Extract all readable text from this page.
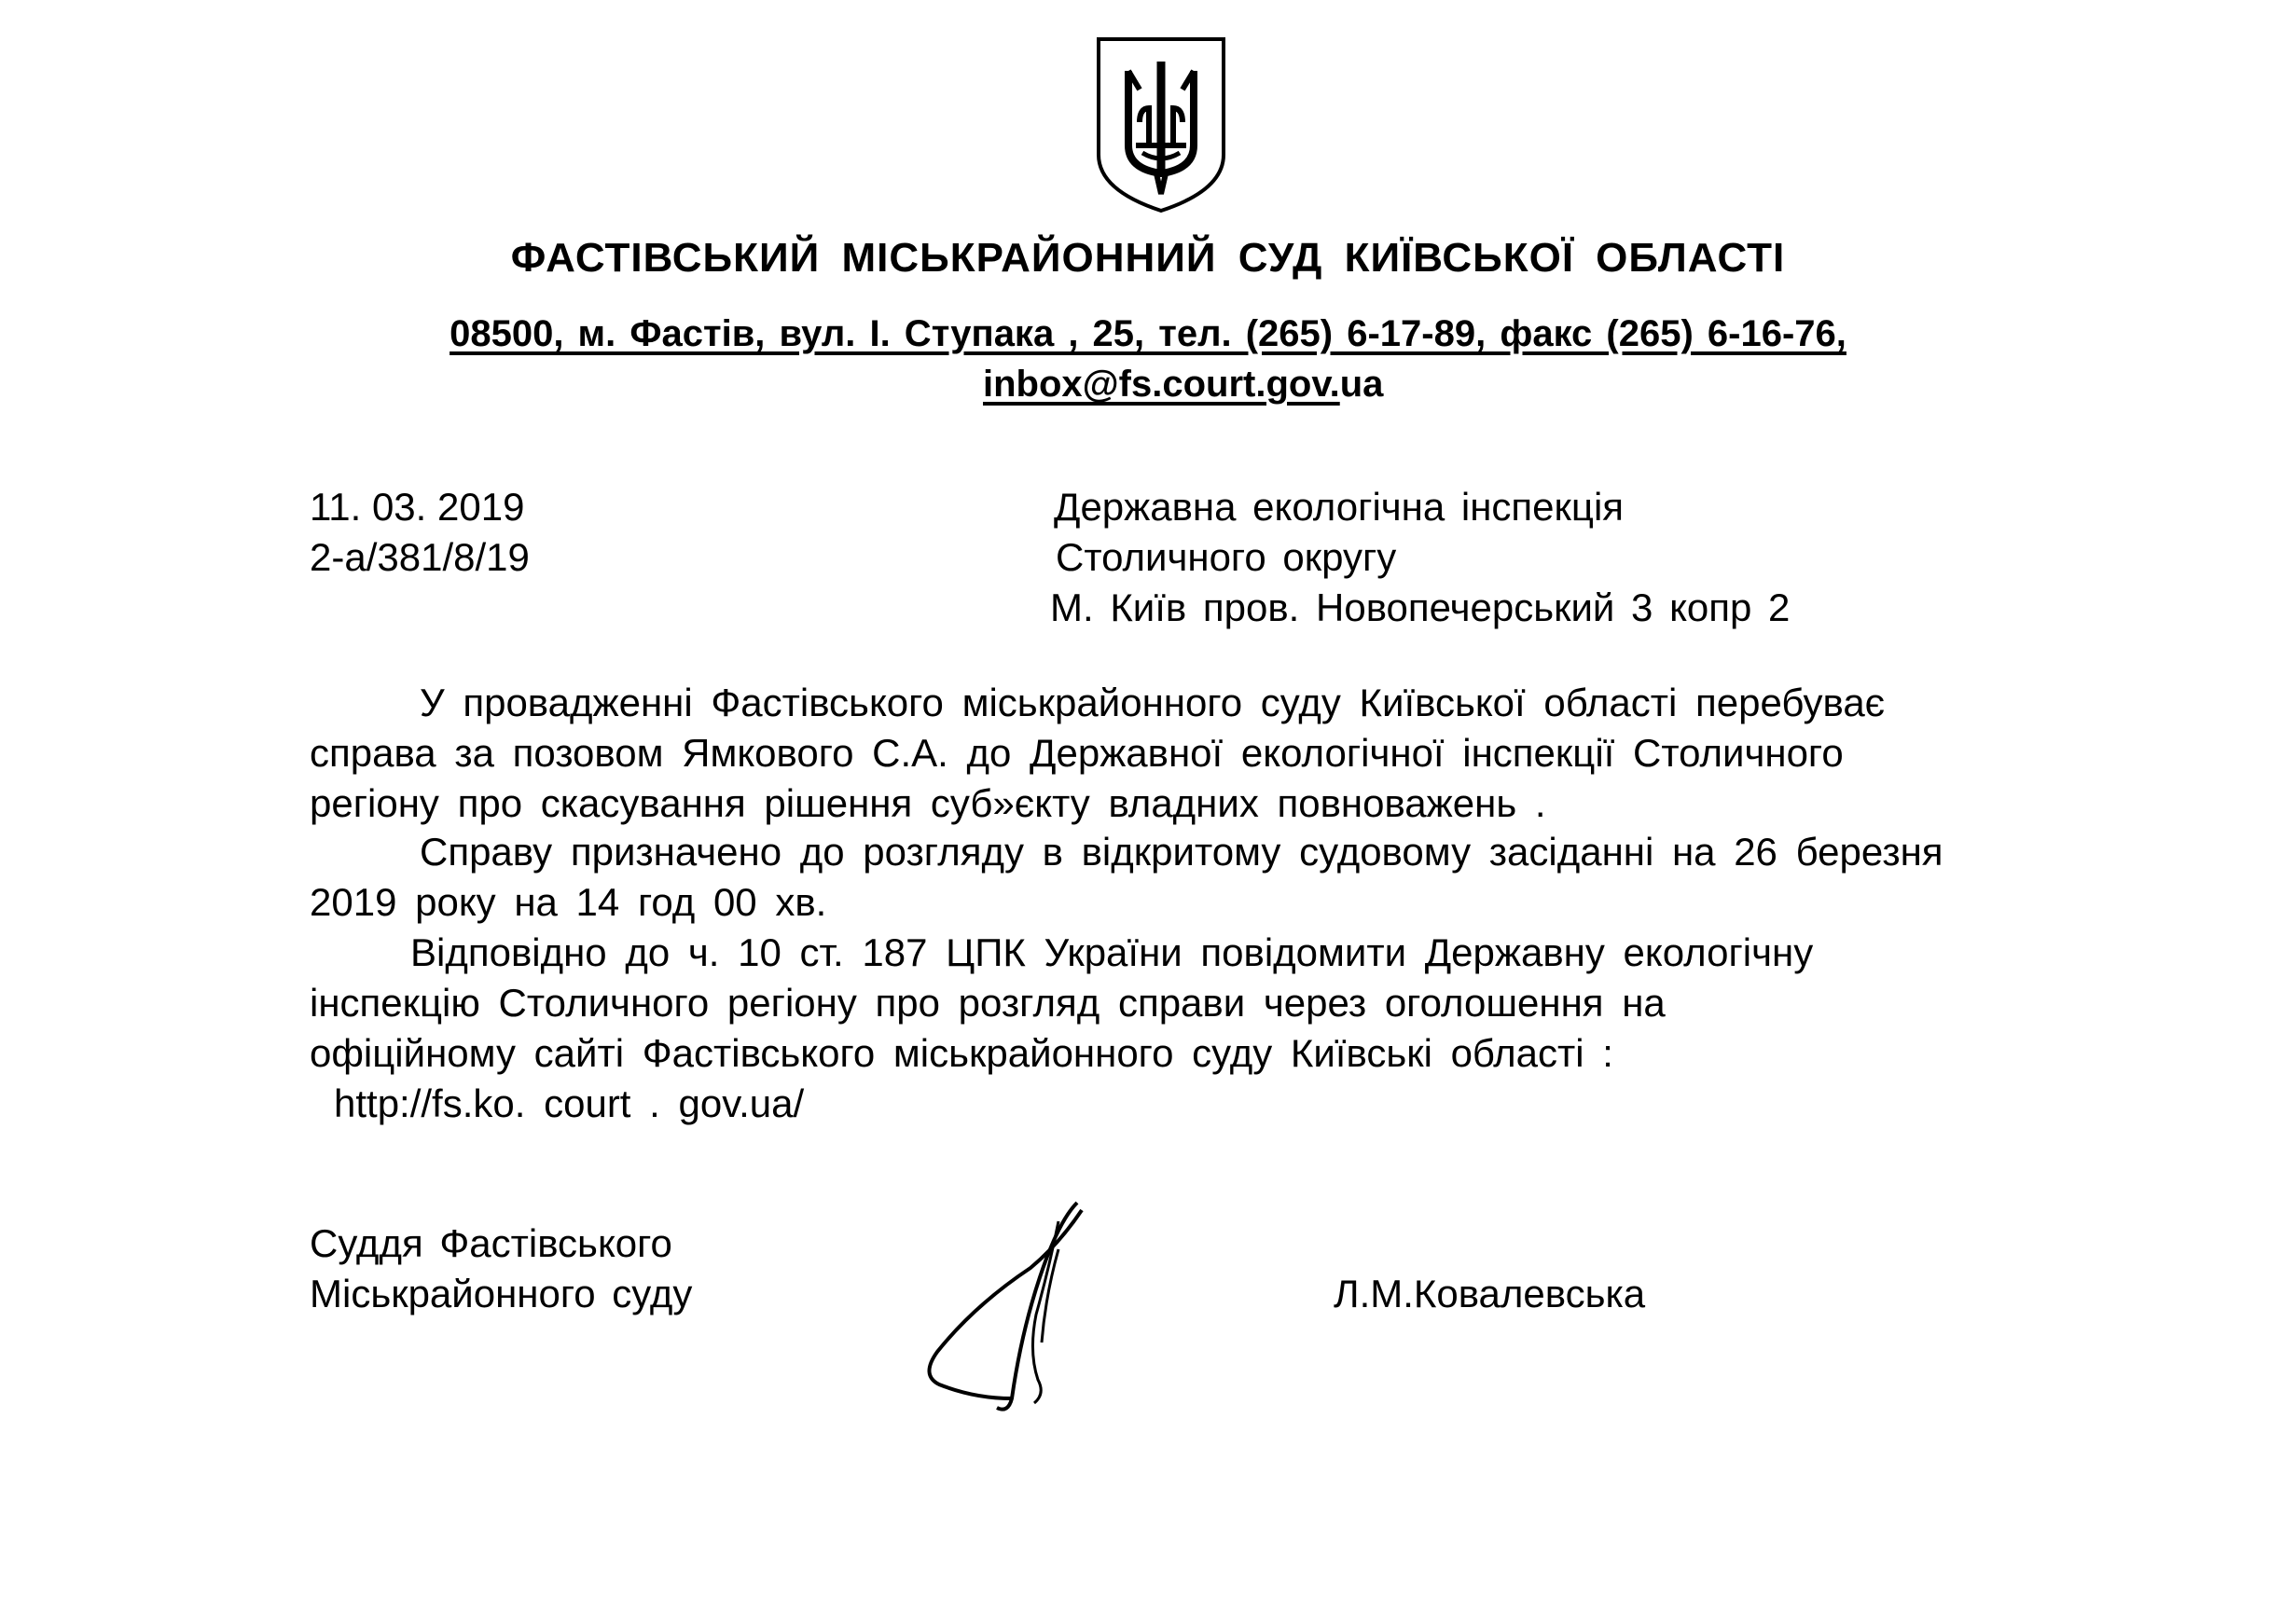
ФАСТІВСЬКИЙ МІСЬКРАЙОННИЙ СУД КИЇВСЬКОЇ ОБЛАСТІ
08500, м. Фастів, вул. І. Ступака , 25, тел. (265) 6-17-89, факс (265) 6-16-76,
inbox@fs.court.gov.ua
11. 03. 2019
2-а/381/8/19
Державна екологічна інспекція
Столичного округу
М. Київ пров. Новопечерський 3 копр 2
У провадженні Фастівського міськрайонного суду Київської області перебуває
справа за позовом Ямкового С.А. до Державної екологічної інспекції Столичного
регіону про скасування рішення суб»єкту владних повноважень .
Справу призначено до розгляду в відкритому судовому засіданні на 26 березня
2019 року на 14 год 00 хв.
Відповідно до ч. 10 ст. 187 ЦПК України повідомити Державну екологічну
інспекцію Столичного регіону про розгляд справи через оголошення на
офіційному сайті Фастівського міськрайонного суду Київські області :
http://fs.ko. court . gov.ua/
Суддя Фастівського
Міськрайонного суду	Л.М.Ковалевська
